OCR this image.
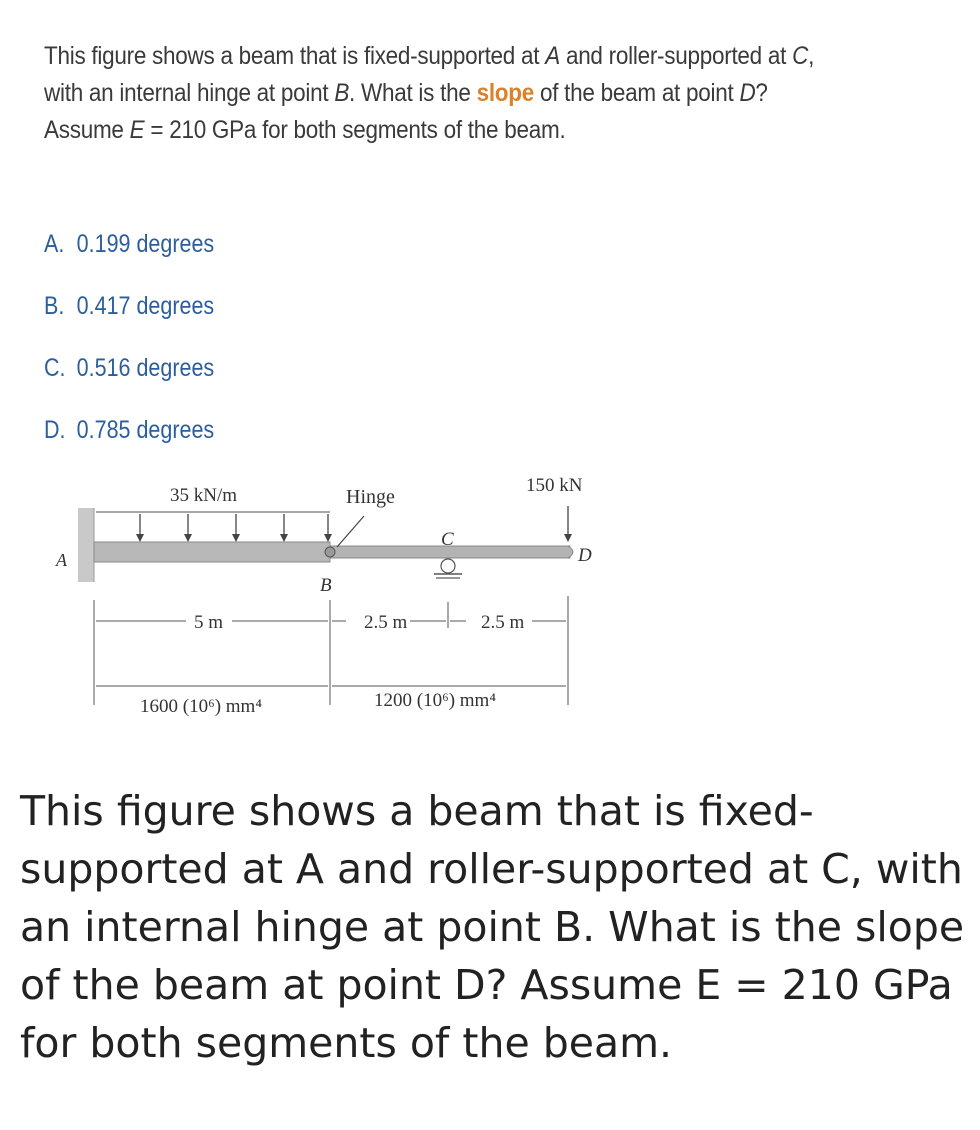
This figure shows a beam that is fixed-supported at A and roller-supported at C,
with an internal hinge at point B. What is the slope of the beam at point D?
Assume E = 210 GPa for both segments of the beam.
A. 0.199 degrees
B. 0.417 degrees
C. 0.516 degrees
D. 0.785 degrees
35 kN/m	Hinge
150 kN
A
B
C
D
5 m	2.5 m	2.5 m
1600 (10⁶) mm⁴	1200 (10⁶) mm⁴
This figure shows a beam that is fixed-supported at A and roller-supported at C, with an internal hinge at point B. What is the slope of the beam at point D? Assume E = 210 GPa for both segments of the beam.
